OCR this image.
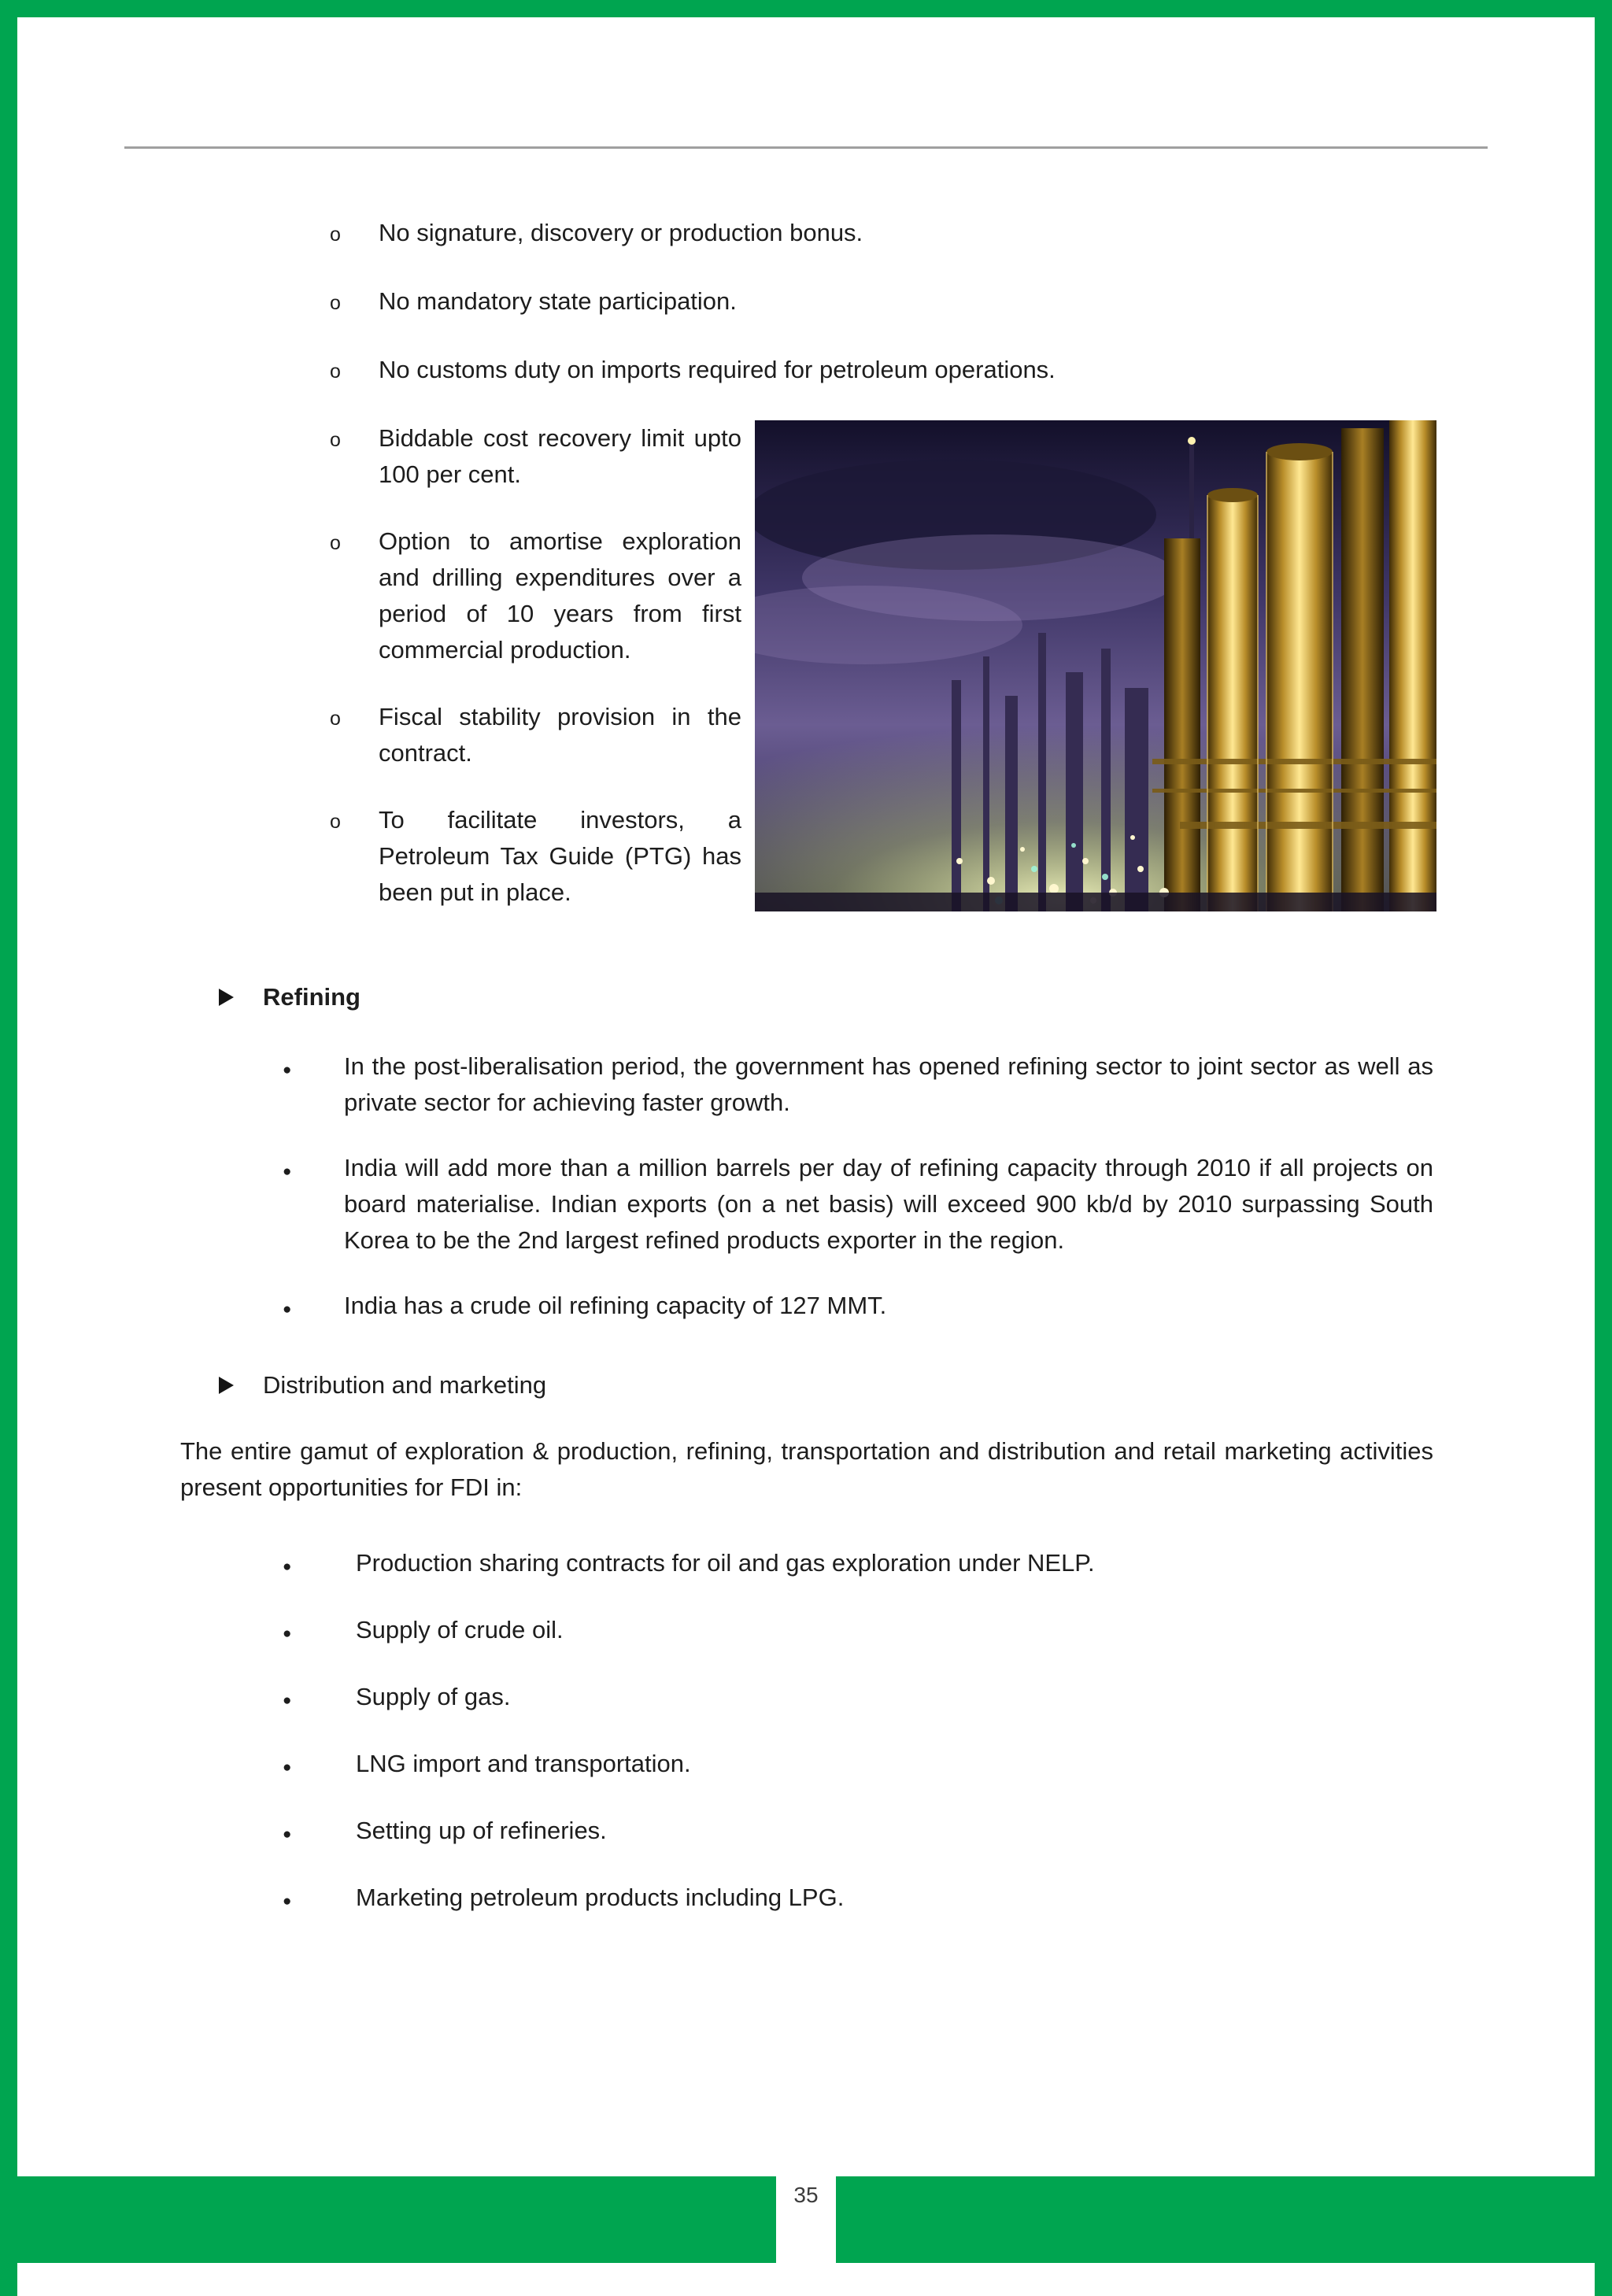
o	No signature, discovery or production bonus.
o	No mandatory state participation.
o	No customs duty on imports required for petroleum operations.
o	Biddable cost recovery limit upto 100 per cent.
o	Option to amortise exploration and drilling expenditures over a period of 10 years from first commercial production.
o	Fiscal stability provision in the contract.
o	To facilitate investors, a Petroleum Tax Guide (PTG) has been put in place.
Refining
●	In the post-liberalisation period, the government has opened refining sector to joint sector as well as private sector for achieving faster growth.
●	India will add more than a million barrels per day of refining capacity through 2010 if all projects on board materialise. Indian exports (on a net basis) will exceed 900 kb/d by 2010 surpassing South Korea to be the 2nd largest refined products exporter in the region.
●	India has a crude oil refining capacity of 127 MMT.
Distribution and marketing

The entire gamut of exploration & production, refining, transportation and distribution and retail marketing activities present opportunities for FDI in:

●	Production sharing contracts for oil and gas exploration under NELP.
●	Supply of crude oil.
●	Supply of gas.
●	LNG import and transportation.
●	Setting up of refineries.
●	Marketing petroleum products including LPG.
35
